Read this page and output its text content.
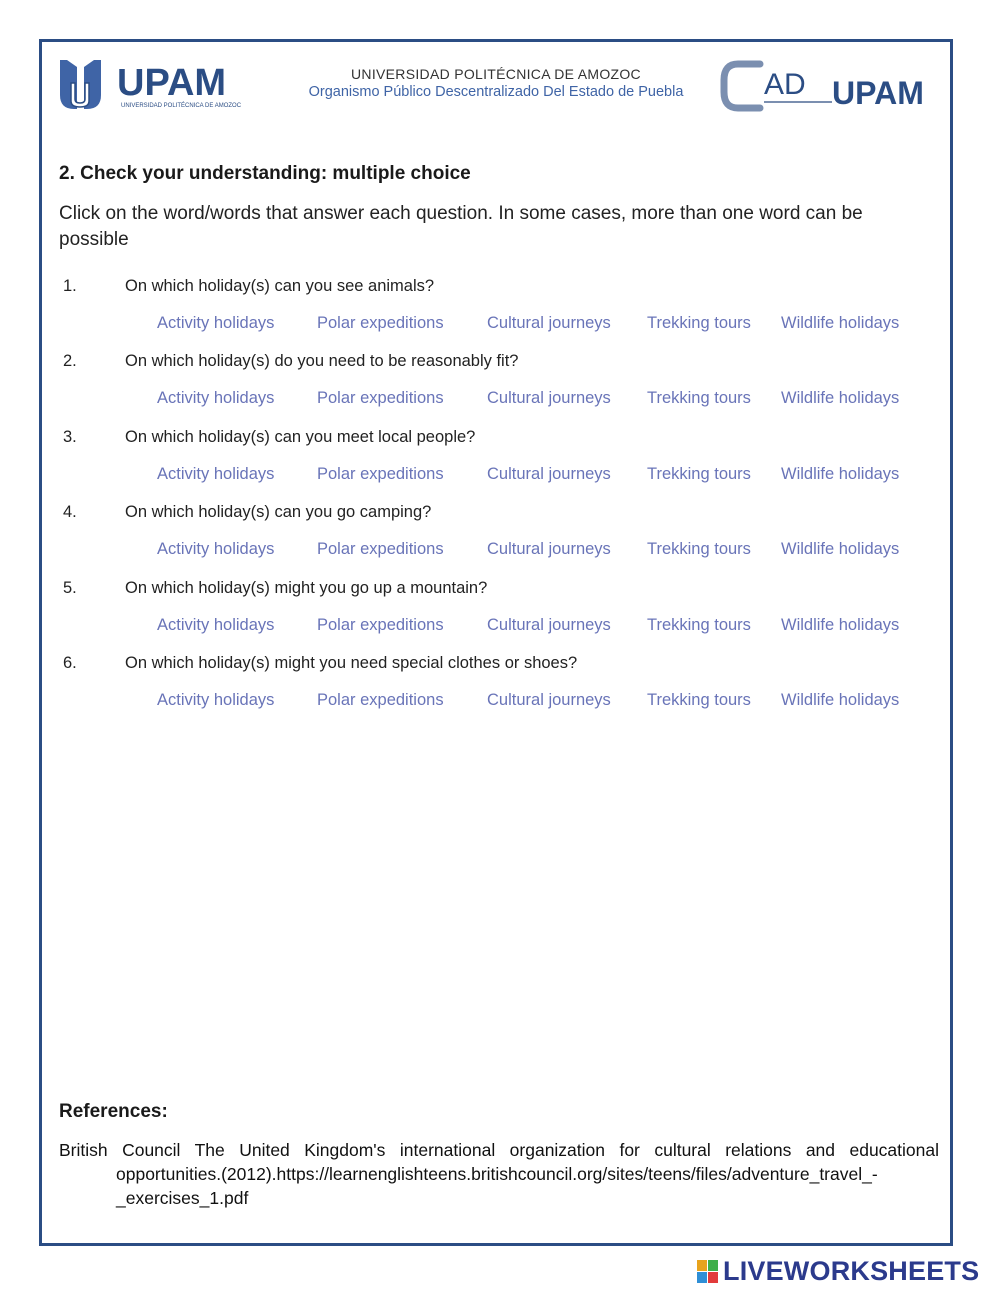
UPAM
UNIVERSIDAD POLITÉCNICA DE AMOZOC
UNIVERSIDAD POLITÉCNICA DE AMOZOC
Organismo Público Descentralizado Del Estado de Puebla	AD UPAM
2. Check your understanding: multiple choice
Click on the word/words that answer each question. In some cases, more than one word can be possible
1.	On which holiday(s) can you see animals?
Activity holidays	Polar expeditions	Cultural journeys Trekking tours Wildlife holidays
2.	On which holiday(s) do you need to be reasonably fit?
Activity holidays	Polar expeditions	Cultural journeys Trekking tours Wildlife holidays
3.	On which holiday(s) can you meet local people?
Activity holidays	Polar expeditions	Cultural journeys Trekking tours Wildlife holidays
4.	On which holiday(s) can you go camping?
Activity holidays	Polar expeditions	Cultural journeys Trekking tours Wildlife holidays
5.	On which holiday(s) might you go up a mountain?
Activity holidays	Polar expeditions	Cultural journeys Trekking tours Wildlife holidays
6.	On which holiday(s) might you need special clothes or shoes?
Activity holidays	Polar expeditions	Cultural journeys Trekking tours Wildlife holidays
References:
British Council The United Kingdom's international organization for cultural relations and educational opportunities.(2012).https://learnenglishteens.britishcouncil.org/sites/teens/files/adventure_travel_-_exercises_1.pdf
LIVEWORKSHEETS
